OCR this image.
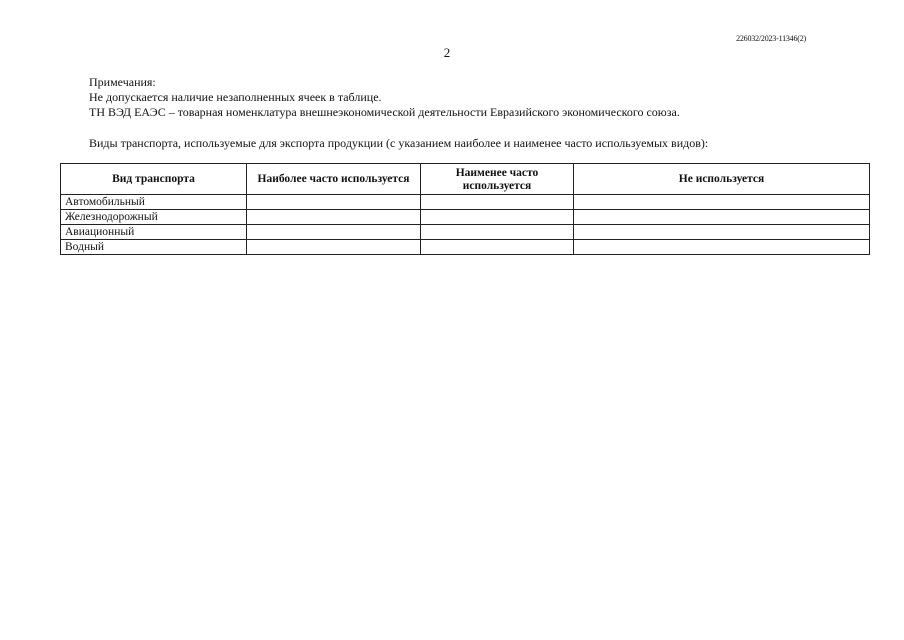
226032/2023-11346(2)
2
Примечания:
Не допускается наличие незаполненных ячеек в таблице.
ТН ВЭД ЕАЭС – товарная номенклатура внешнеэкономической деятельности Евразийского экономического союза.
Виды транспорта, используемые для экспорта продукции (с указанием наиболее и наименее часто используемых видов):
Вид транспорта	Наиболее часто используется	Наименее часто используется	Не используется
Автомобильный			
Железнодорожный			
Авиационный			
Водный			
